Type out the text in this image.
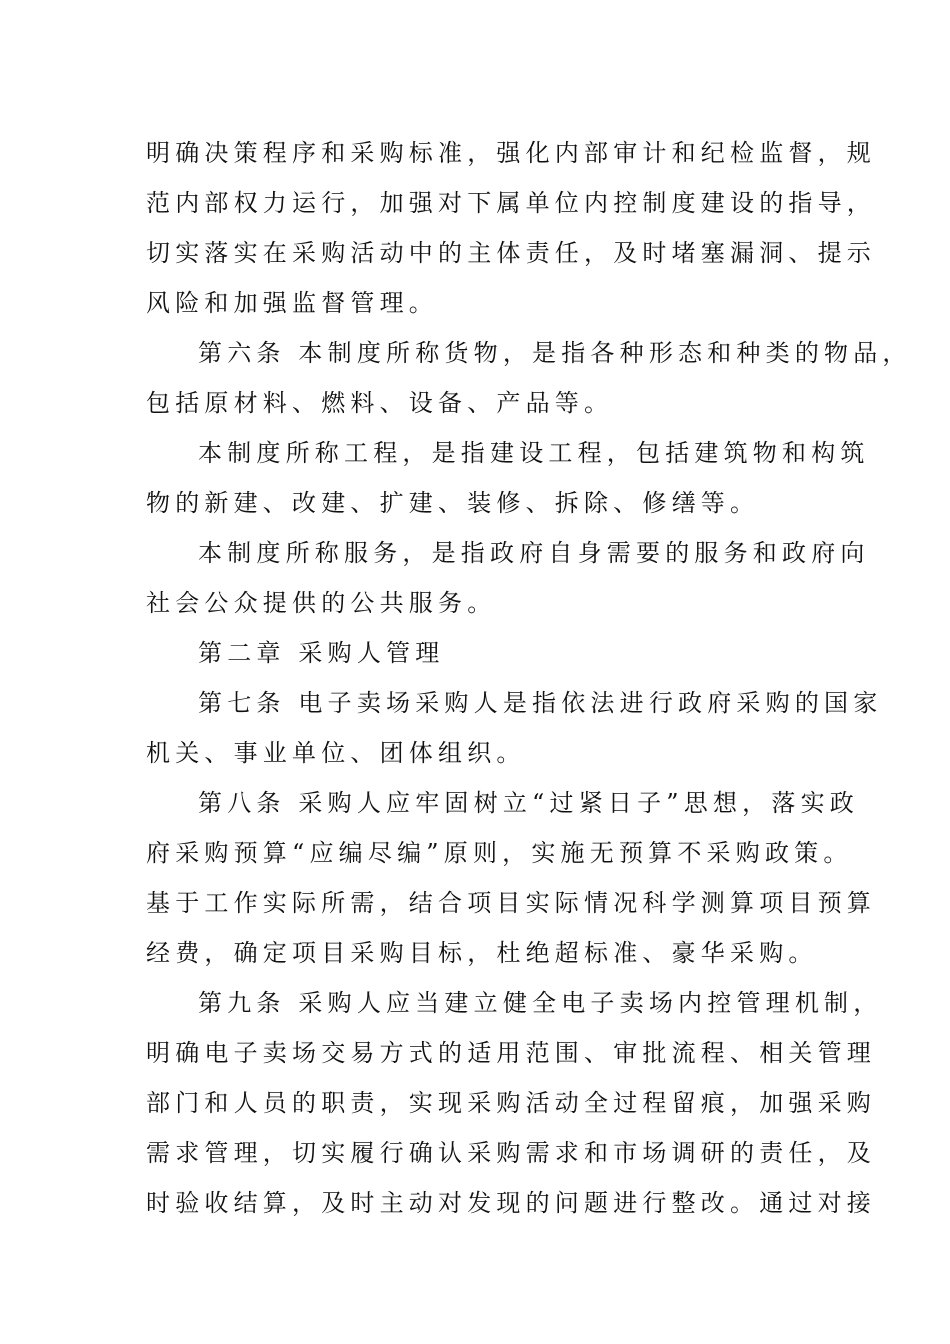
明确决策程序和采购标准，强化内部审计和纪检监督，规
范内部权力运行，加强对下属单位内控制度建设的指导，
切实落实在采购活动中的主体责任，及时堵塞漏洞、提示
风险和加强监督管理。
第六条 本制度所称货物，是指各种形态和种类的物品，
包括原材料、燃料、设备、产品等。
本制度所称工程，是指建设工程，包括建筑物和构筑
物的新建、改建、扩建、装修、拆除、修缮等。
本制度所称服务，是指政府自身需要的服务和政府向
社会公众提供的公共服务。
第二章 采购人管理
第七条 电子卖场采购人是指依法进行政府采购的国家
机关、事业单位、团体组织。
第八条 采购人应牢固树立“过紧日子”思想，落实政
府采购预算“应编尽编”原则，实施无预算不采购政策。
基于工作实际所需，结合项目实际情况科学测算项目预算
经费，确定项目采购目标，杜绝超标准、豪华采购。
第九条 采购人应当建立健全电子卖场内控管理机制，
明确电子卖场交易方式的适用范围、审批流程、相关管理
部门和人员的职责，实现采购活动全过程留痕，加强采购
需求管理，切实履行确认采购需求和市场调研的责任，及
时验收结算，及时主动对发现的问题进行整改。通过对接
